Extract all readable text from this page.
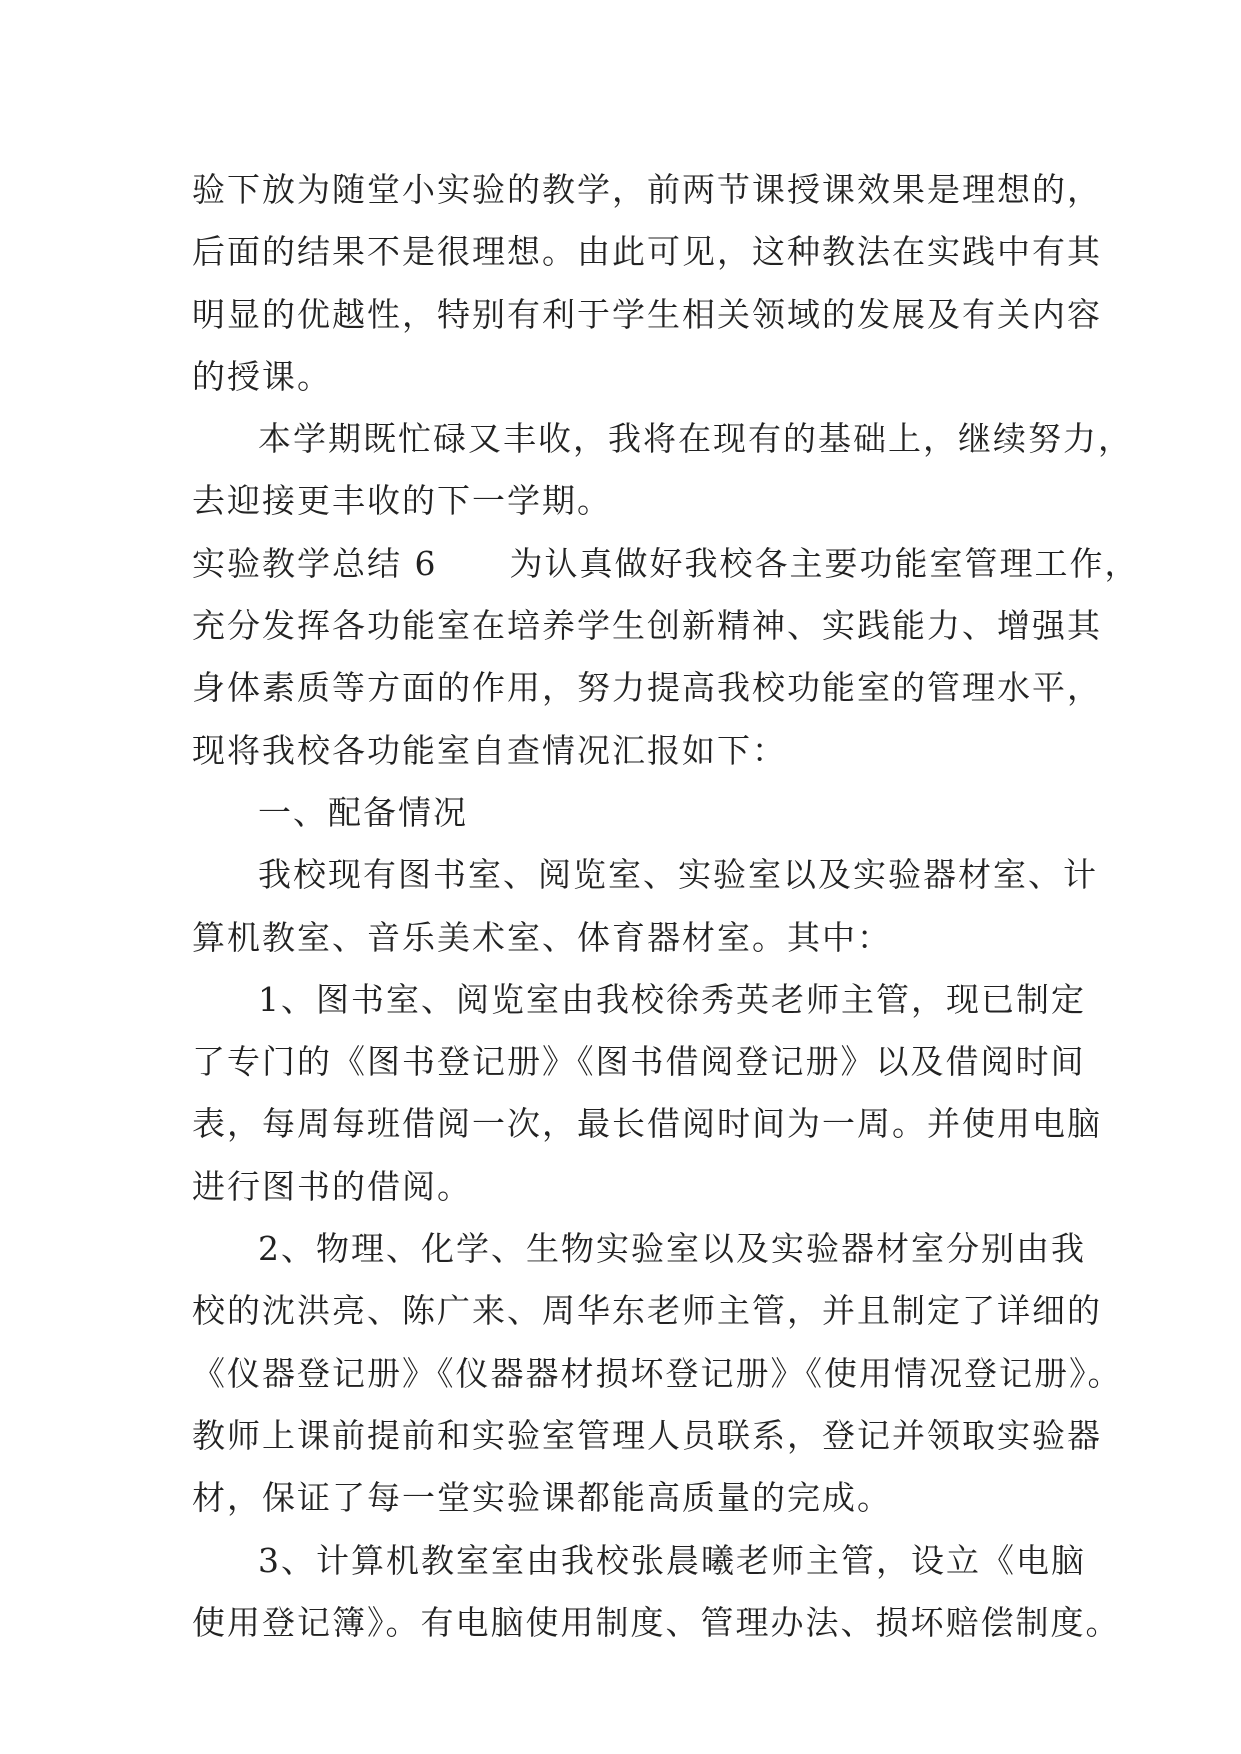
验下放为随堂小实验的教学，前两节课授课效果是理想的，
后面的结果不是很理想。由此可见，这种教法在实践中有其
明显的优越性，特别有利于学生相关领域的发展及有关内容
的授课。
本学期既忙碌又丰收，我将在现有的基础上，继续努力，
去迎接更丰收的下一学期。
实验教学总结 6 为认真做好我校各主要功能室管理工作，
充分发挥各功能室在培养学生创新精神、实践能力、增强其
身体素质等方面的作用，努力提高我校功能室的管理水平，
现将我校各功能室自查情况汇报如下：
一、配备情况
我校现有图书室、阅览室、实验室以及实验器材室、计
算机教室、音乐美术室、体育器材室。其中：
1、图书室、阅览室由我校徐秀英老师主管，现已制定
了专门的《图书登记册》《图书借阅登记册》以及借阅时间
表，每周每班借阅一次，最长借阅时间为一周。并使用电脑
进行图书的借阅。
2、物理、化学、生物实验室以及实验器材室分别由我
校的沈洪亮、陈广来、周华东老师主管，并且制定了详细的
《仪器登记册》《仪器器材损坏登记册》《使用情况登记册》。
教师上课前提前和实验室管理人员联系，登记并领取实验器
材，保证了每一堂实验课都能高质量的完成。
3、计算机教室室由我校张晨曦老师主管，设立《电脑
使用登记簿》。有电脑使用制度、管理办法、损坏赔偿制度。
